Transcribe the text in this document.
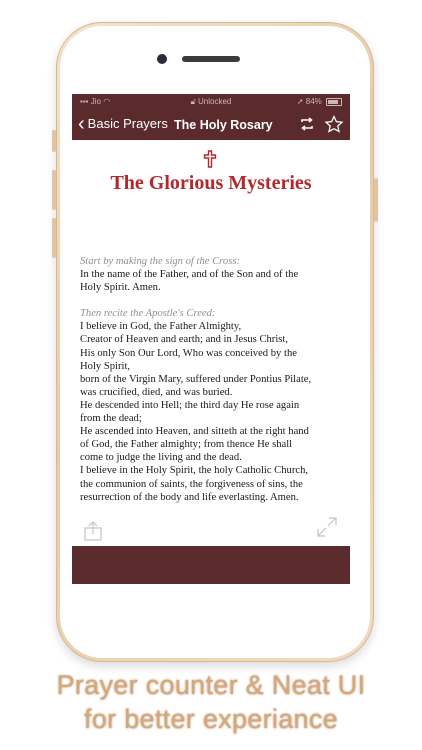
▪▪▪ Jio ◠	🔓︎ Unlocked	➚ 84%
‹ Basic Prayers The Holy Rosary
The Glorious Mysteries
Start by making the sign of the Cross:
In the name of the Father, and of the Son and of the
Holy Spirit. Amen.
Then recite the Apostle's Creed:
I believe in God, the Father Almighty,
Creator of Heaven and earth; and in Jesus Christ,
His only Son Our Lord, Who was conceived by the
Holy Spirit,
born of the Virgin Mary, suffered under Pontius Pilate,
was crucified, died, and was buried.
He descended into Hell; the third day He rose again
from the dead;
He ascended into Heaven, and sitteth at the right hand
of God, the Father almighty; from thence He shall
come to judge the living and the dead.
I believe in the Holy Spirit, the holy Catholic Church,
the communion of saints, the forgiveness of sins, the
resurrection of the body and life everlasting. Amen.
Prayer counter & Neat UI
for better experiance
